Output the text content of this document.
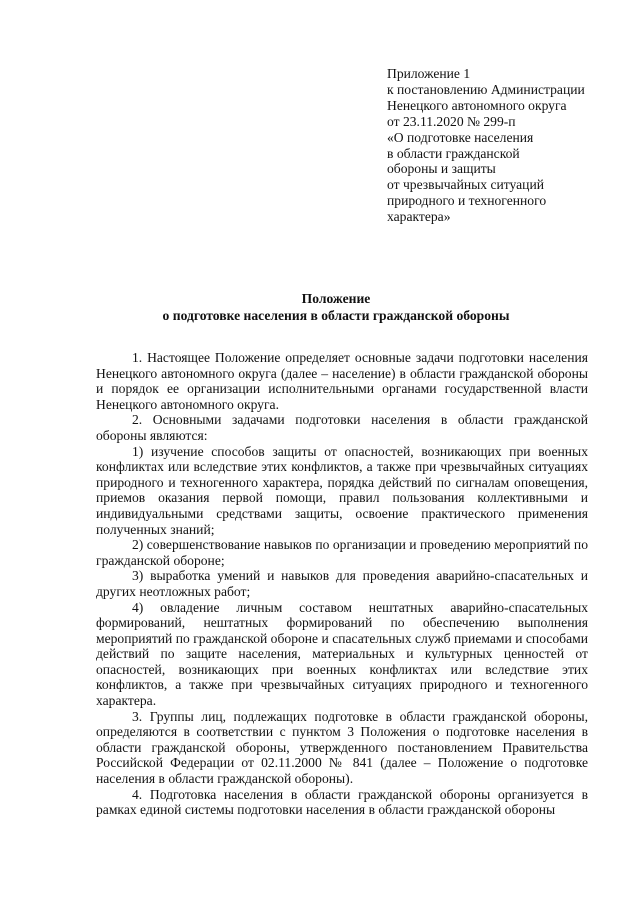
Приложение 1
к постановлению Администрации
Ненецкого автономного округа
от 23.11.2020 № 299-п
«О подготовке населения
в области гражданской
обороны и защиты
от чрезвычайных ситуаций
природного и техногенного
характера»
Положение
о подготовке населения в области гражданской обороны

1. Настоящее Положение определяет основные задачи подготовки населения Ненецкого автономного округа (далее – население) в области гражданской обороны и порядок ее организации исполнительными органами государственной власти Ненецкого автономного округа.

2. Основными задачами подготовки населения в области гражданской обороны являются:

1) изучение способов защиты от опасностей, возникающих при военных конфликтах или вследствие этих конфликтов, а также при чрезвычайных ситуациях природного и техногенного характера, порядка действий по сигналам оповещения, приемов оказания первой помощи, правил пользования коллективными и индивидуальными средствами защиты, освоение практического применения полученных знаний;

2) совершенствование навыков по организации и проведению мероприятий по гражданской обороне;

3) выработка умений и навыков для проведения аварийно-спасательных и других неотложных работ;

4) овладение личным составом нештатных аварийно-спасательных формирований, нештатных формирований по обеспечению выполнения мероприятий по гражданской обороне и спасательных служб приемами и способами действий по защите населения, материальных и культурных ценностей от опасностей, возникающих при военных конфликтах или вследствие этих конфликтов, а также при чрезвычайных ситуациях природного и техногенного характера.

3. Группы лиц, подлежащих подготовке в области гражданской обороны, определяются в соответствии с пунктом 3 Положения о подготовке населения в области гражданской обороны, утвержденного постановлением Правительства Российской Федерации от 02.11.2000 № 841 (далее – Положение о подготовке населения в области гражданской обороны).

4. Подготовка населения в области гражданской обороны организуется в рамках единой системы подготовки населения в области гражданской обороны
